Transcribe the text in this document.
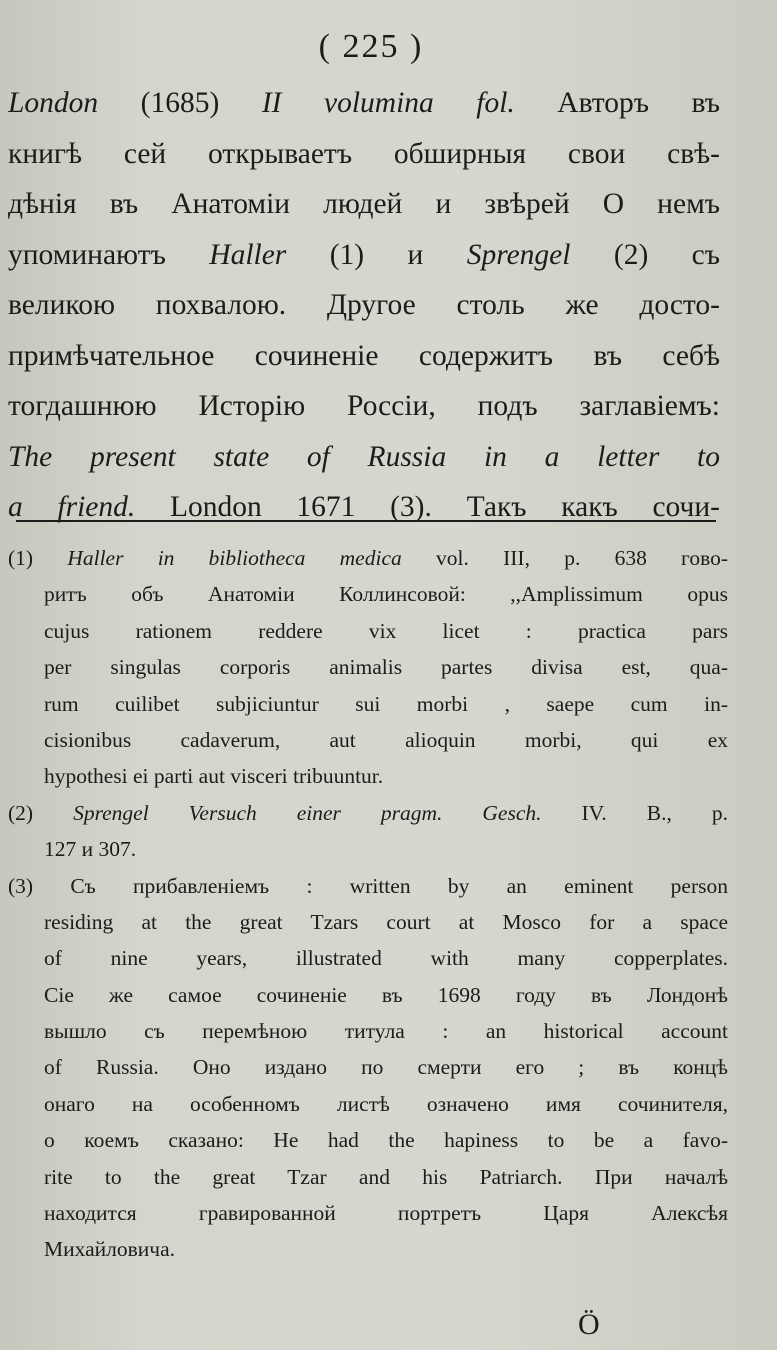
( 225 )
London (1685) II volumina fol. Авторъ въ
книгѣ сей открываетъ обширныя свои свѣ-
дѣнія въ Анатоміи людей и звѣрей О немъ
упоминаютъ Haller (1) и Sprengel (2) съ
великою похвалою. Другое столь же досто-
примѣчательное сочиненіе содержитъ въ себѣ
тогдашнюю Исторію Россіи, подъ заглавіемъ:
The present state of Russia in a letter to
a friend. London 1671 (3). Такъ какъ сочи-
(1) Haller in bibliotheca medica vol. III, p. 638 гово-
ритъ объ Анатоміи Коллинсовой: ,,Amplissimum opus
cujus rationem reddere vix licet : practica pars
per singulas corporis animalis partes divisa est, qua-
rum cuilibet subjiciuntur sui morbi , saepe cum in-
cisionibus cadaverum, aut alioquin morbi, qui ex
hypothesi ei parti aut visceri tribuuntur.
(2) Sprengel Versuch einer pragm. Gesch. IV. B., p.
127 и 307.
(3) Съ прибавленіемъ : written by an eminent person
residing at the great Tzars court at Mosco for a space
of nine years, illustrated with many copperplates.
Сіе же самое сочиненіе въ 1698 году въ Лондонѣ
вышло съ перемѣною титула : an historical account
of Russia. Оно издано по смерти его ; въ концѣ
онаго на особенномъ листѣ означено имя сочинителя,
о коемъ сказано: He had the hapiness to be a favo-
rite to the great Tzar and his Patriarch. При началѣ
находится гравированной портретъ Царя Алексѣя
Михайловича.
Ö
